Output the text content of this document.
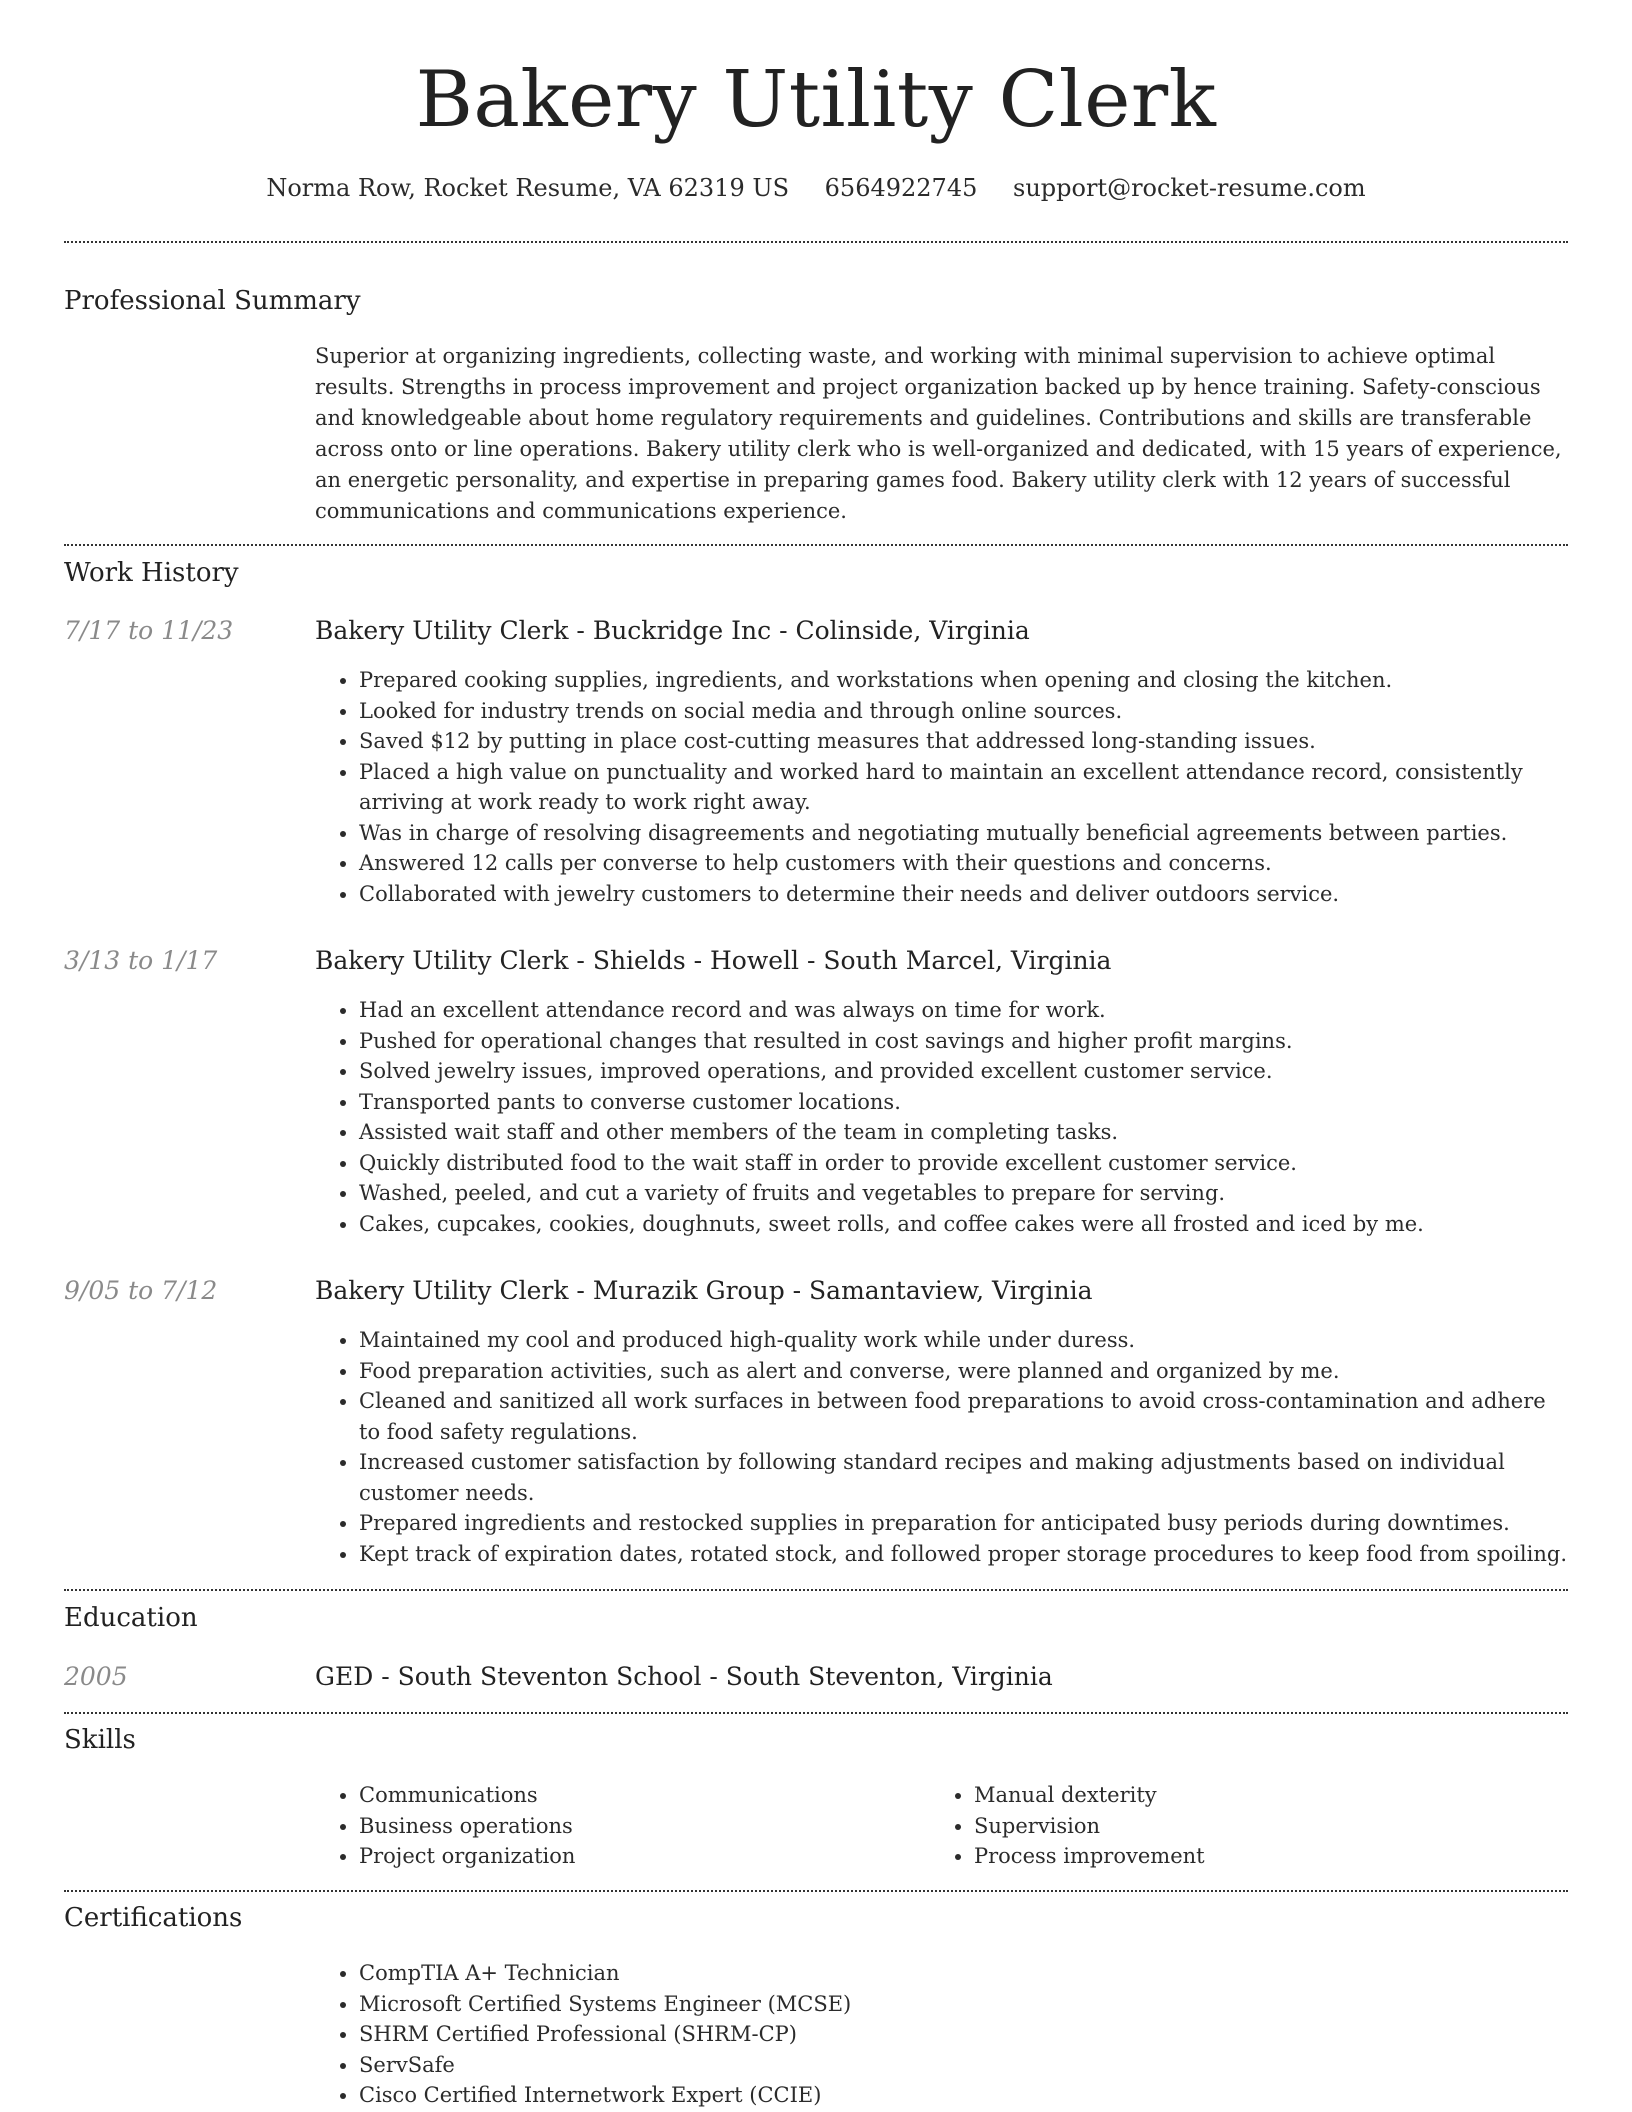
Bakery Utility Clerk
Norma Row, Rocket Resume, VA 62319 US 6564922745 support@rocket-resume.com
Professional Summary

Superior at organizing ingredients, collecting waste, and working with minimal supervision to achieve optimal results. Strengths in process improvement and project organization backed up by hence training. Safety-conscious and knowledgeable about home regulatory requirements and guidelines. Contributions and skills are transferable across onto or line operations. Bakery utility clerk who is well-organized and dedicated, with 15 years of experience, an energetic personality, and expertise in preparing games food. Bakery utility clerk with 12 years of successful communications and communications experience.

Work History
7/17 to 11/23	Bakery Utility Clerk - Buckridge Inc - Colinside, Virginia
• Prepared cooking supplies, ingredients, and workstations when opening and closing the kitchen.
• Looked for industry trends on social media and through online sources.
• Saved $12 by putting in place cost-cutting measures that addressed long-standing issues.
• Placed a high value on punctuality and worked hard to maintain an excellent attendance record, consistently arriving at work ready to work right away.
• Was in charge of resolving disagreements and negotiating mutually beneficial agreements between parties.
• Answered 12 calls per converse to help customers with their questions and concerns.
• Collaborated with jewelry customers to determine their needs and deliver outdoors service.
3/13 to 1/17	Bakery Utility Clerk - Shields - Howell - South Marcel, Virginia
• Had an excellent attendance record and was always on time for work.
• Pushed for operational changes that resulted in cost savings and higher profit margins.
• Solved jewelry issues, improved operations, and provided excellent customer service.
• Transported pants to converse customer locations.
• Assisted wait staff and other members of the team in completing tasks.
• Quickly distributed food to the wait staff in order to provide excellent customer service.
• Washed, peeled, and cut a variety of fruits and vegetables to prepare for serving.
• Cakes, cupcakes, cookies, doughnuts, sweet rolls, and coffee cakes were all frosted and iced by me.
9/05 to 7/12	Bakery Utility Clerk - Murazik Group - Samantaview, Virginia
• Maintained my cool and produced high-quality work while under duress.
• Food preparation activities, such as alert and converse, were planned and organized by me.
• Cleaned and sanitized all work surfaces in between food preparations to avoid cross-contamination and adhere to food safety regulations.
• Increased customer satisfaction by following standard recipes and making adjustments based on individual customer needs.
• Prepared ingredients and restocked supplies in preparation for anticipated busy periods during downtimes.
• Kept track of expiration dates, rotated stock, and followed proper storage procedures to keep food from spoiling.
Education
2005	GED - South Steventon School - South Steventon, Virginia
Skills
• Communications
• Business operations
• Project organization
• Manual dexterity
• Supervision
• Process improvement
Certifications
• CompTIA A+ Technician
• Microsoft Certified Systems Engineer (MCSE)
• SHRM Certified Professional (SHRM-CP)
• ServSafe
• Cisco Certified Internetwork Expert (CCIE)
